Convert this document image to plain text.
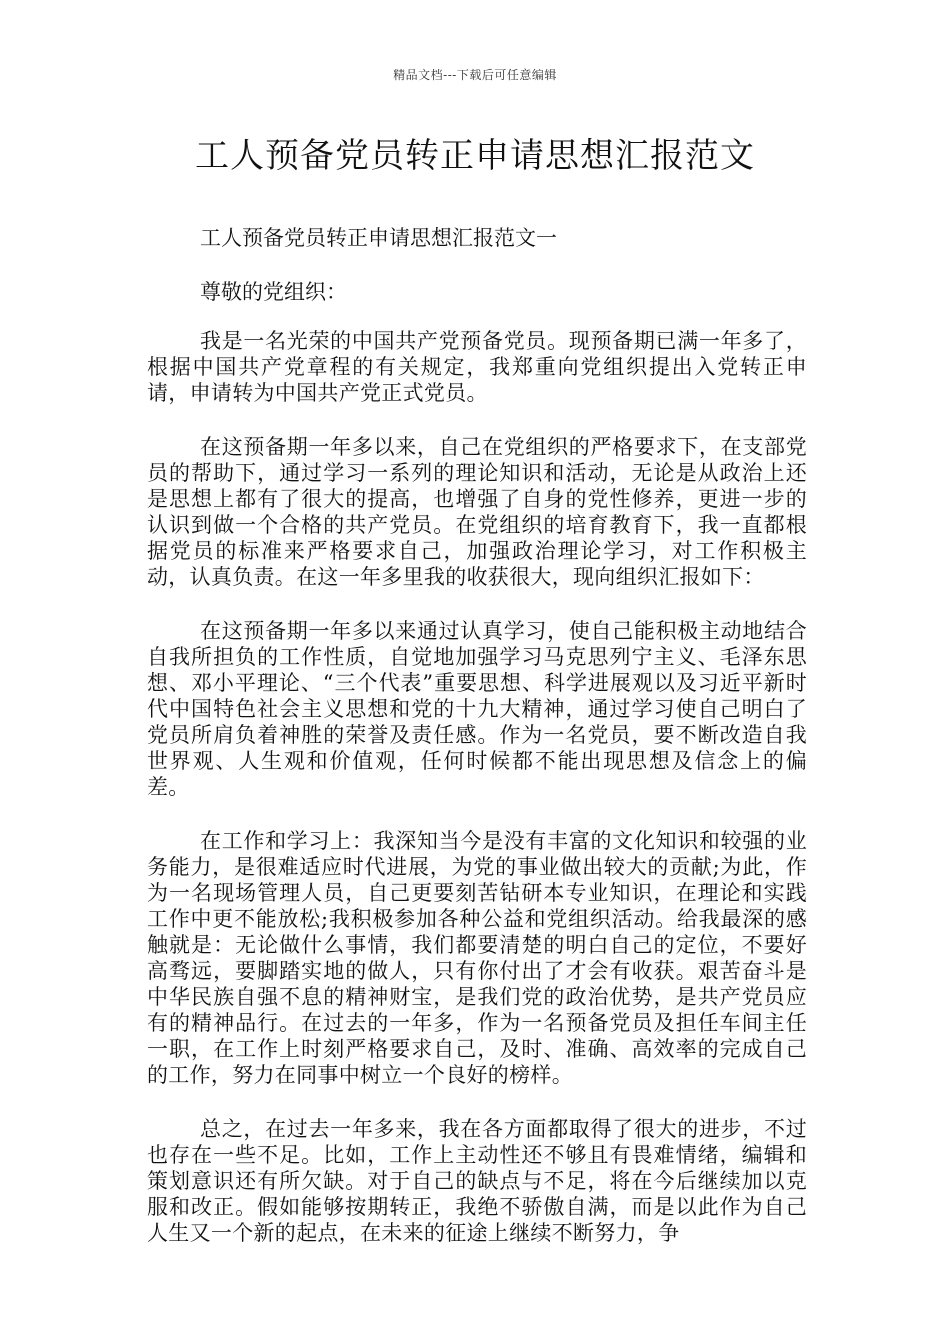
精品文档---下载后可任意编辑
工人预备党员转正申请思想汇报范文

工人预备党员转正申请思想汇报范文一

尊敬的党组织：

我是一名光荣的中国共产党预备党员。现预备期已满一年多了，根据中国共产党章程的有关规定，我郑重向党组织提出入党转正申请，申请转为中国共产党正式党员。

在这预备期一年多以来，自己在党组织的严格要求下，在支部党员的帮助下，通过学习一系列的理论知识和活动，无论是从政治上还是思想上都有了很大的提高，也增强了自身的党性修养，更进一步的认识到做一个合格的共产党员。在党组织的培育教育下，我一直都根据党员的标准来严格要求自己，加强政治理论学习，对工作积极主动，认真负责。在这一年多里我的收获很大，现向组织汇报如下：

在这预备期一年多以来通过认真学习，使自己能积极主动地结合自我所担负的工作性质，自觉地加强学习马克思列宁主义、毛泽东思想、邓小平理论、“三个代表”重要思想、科学进展观以及习近平新时代中国特色社会主义思想和党的十九大精神，通过学习使自己明白了党员所肩负着神胜的荣誉及责任感。作为一名党员，要不断改造自我世界观、人生观和价值观，任何时候都不能出现思想及信念上的偏差。

在工作和学习上：我深知当今是没有丰富的文化知识和较强的业务能力，是很难适应时代进展，为党的事业做出较大的贡献;为此，作为一名现场管理人员，自己更要刻苦钻研本专业知识，在理论和实践工作中更不能放松;我积极参加各种公益和党组织活动。给我最深的感触就是：无论做什么事情，我们都要清楚的明白自己的定位，不要好高骛远，要脚踏实地的做人，只有你付出了才会有收获。艰苦奋斗是中华民族自强不息的精神财宝，是我们党的政治优势，是共产党员应有的精神品行。在过去的一年多，作为一名预备党员及担任车间主任一职，在工作上时刻严格要求自己，及时、准确、高效率的完成自己的工作，努力在同事中树立一个良好的榜样。

总之，在过去一年多来，我在各方面都取得了很大的进步，不过也存在一些不足。比如，工作上主动性还不够且有畏难情绪，编辑和策划意识还有所欠缺。对于自己的缺点与不足，将在今后继续加以克服和改正。假如能够按期转正，我绝不骄傲自满，而是以此作为自己人生又一个新的起点，在未来的征途上继续不断努力，争
